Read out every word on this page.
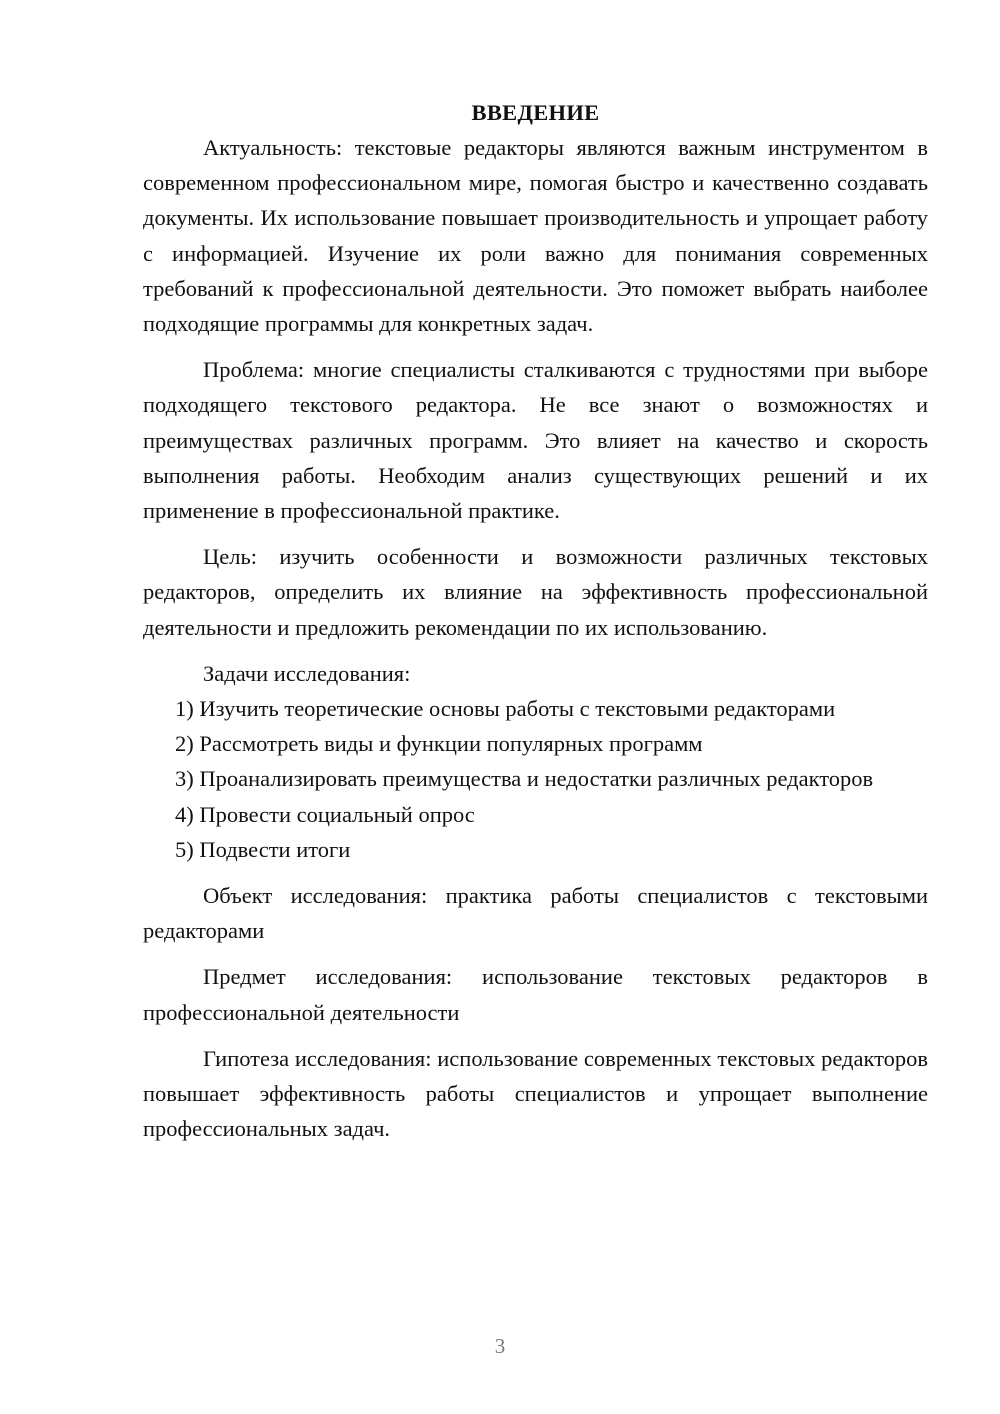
ВВЕДЕНИЕ

Актуальность: текстовые редакторы являются важным инструментом в современном профессиональном мире, помогая быстро и качественно создавать документы. Их использование повышает производительность и упрощает работу с информацией. Изучение их роли важно для понимания современных требований к профессиональной деятельности. Это поможет выбрать наиболее подходящие программы для конкретных задач.

Проблема: многие специалисты сталкиваются с трудностями при выборе подходящего текстового редактора. Не все знают о возможностях и преимуществах различных программ. Это влияет на качество и скорость выполнения работы. Необходим анализ существующих решений и их применение в профессиональной практике.

Цель: изучить особенности и возможности различных текстовых редакторов, определить их влияние на эффективность профессиональной деятельности и предложить рекомендации по их использованию.

Задачи исследования:

1) Изучить теоретические основы работы с текстовыми редакторами

2) Рассмотреть виды и функции популярных программ

3) Проанализировать преимущества и недостатки различных редакторов

4) Провести социальный опрос

5) Подвести итоги

Объект исследования: практика работы специалистов с текстовыми редакторами

Предмет исследования: использование текстовых редакторов в профессиональной деятельности

Гипотеза исследования: использование современных текстовых редакторов повышает эффективность работы специалистов и упрощает выполнение профессиональных задач.

3
